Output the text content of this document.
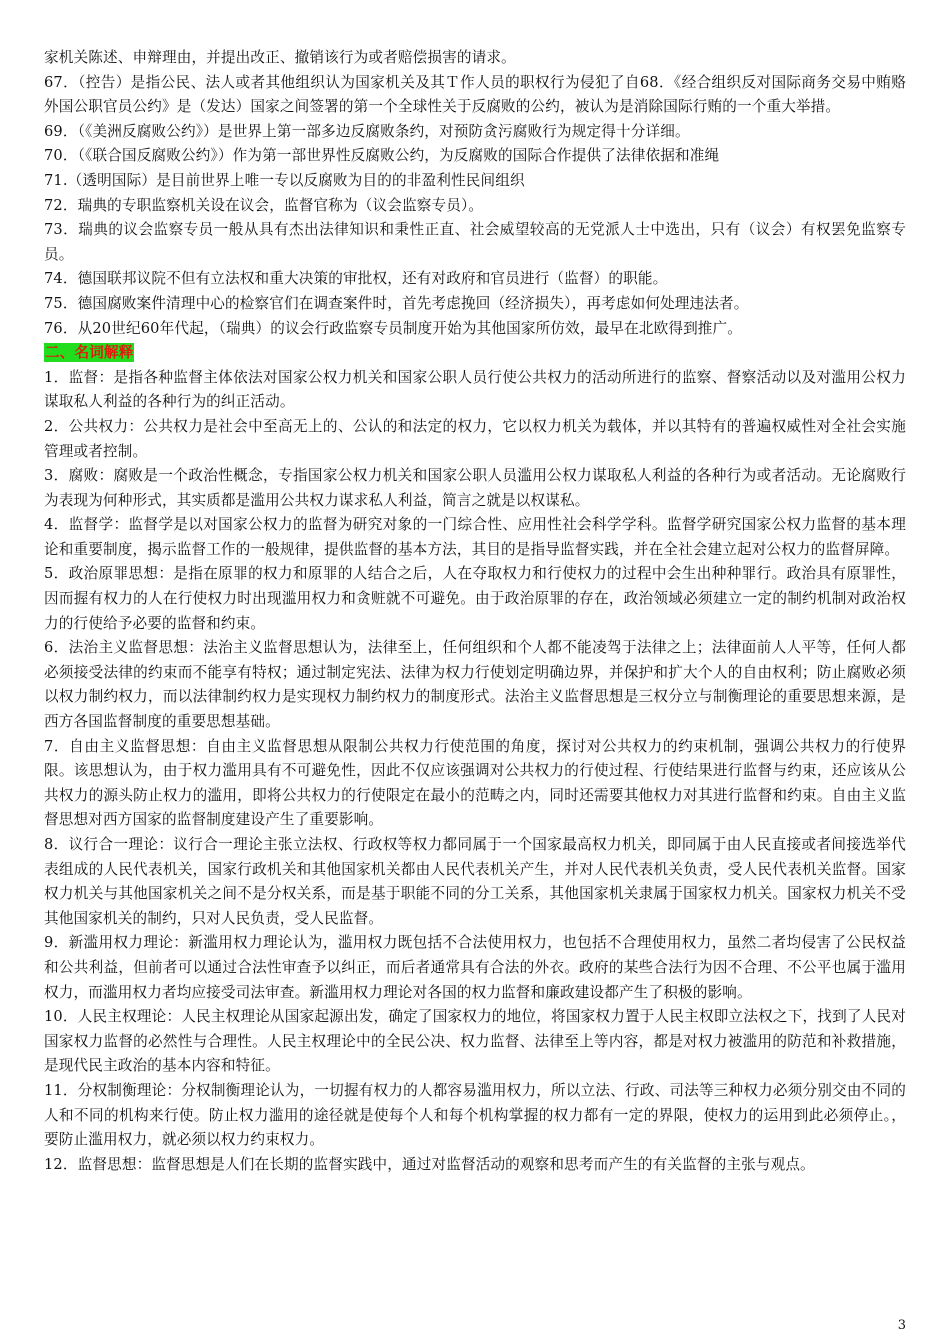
家机关陈述、申辩理由，并提出改正、撤销该行为或者赔偿损害的请求。

67．（控告）是指公民、法人或者其他组织认为国家机关及其Ｔ作人员的职权行为侵犯了自68．《经合组织反对国际商务交易中贿赂外国公职官员公约》是（发达）国家之间签署的第一个全球性关于反腐败的公约，被认为是消除国际行贿的一个重大举措。

69．（《美洲反腐败公约》）是世界上第一部多边反腐败条约，对预防贪污腐败行为规定得十分详细。

70．（《联合国反腐败公约》）作为第一部世界性反腐败公约，为反腐败的国际合作提供了法律依据和准绳

71.（透明国际）是目前世界上唯一专以反腐败为目的的非盈利性民间组织

72．瑞典的专职监察机关设在议会，监督官称为（议会监察专员）。

73．瑞典的议会监察专员一般从具有杰出法律知识和秉性正直、社会威望较高的无党派人士中选出，只有（议会）有权罢免监察专员。

74．德国联邦议院不但有立法权和重大决策的审批权，还有对政府和官员进行（监督）的职能。

75．德国腐败案件清理中心的检察官们在调查案件时，首先考虑挽回（经济损失），再考虑如何处理违法者。

76．从20世纪60年代起，（瑞典）的议会行政监察专员制度开始为其他国家所仿效，最早在北欧得到推广。

二、名词解释

1．监督：是指各种监督主体依法对国家公权力机关和国家公职人员行使公共权力的活动所进行的监察、督察活动以及对滥用公权力谋取私人利益的各种行为的纠正活动。

2．公共权力：公共权力是社会中至高无上的、公认的和法定的权力，它以权力机关为载体，并以其特有的普遍权威性对全社会实施管理或者控制。

3．腐败：腐败是一个政治性概念，专指国家公权力机关和国家公职人员滥用公权力谋取私人利益的各种行为或者活动。无论腐败行为表现为何种形式，其实质都是滥用公共权力谋求私人利益，简言之就是以权谋私。

4．监督学：监督学是以对国家公权力的监督为研究对象的一门综合性、应用性社会科学学科。监督学研究国家公权力监督的基本理论和重要制度，揭示监督工作的一般规律，提供监督的基本方法，其目的是指导监督实践，并在全社会建立起对公权力的监督屏障。

5．政治原罪思想：是指在原罪的权力和原罪的人结合之后，人在夺取权力和行使权力的过程中会生出种种罪行。政治具有原罪性，因而握有权力的人在行使权力时出现滥用权力和贪赃就不可避免。由于政治原罪的存在，政治领域必须建立一定的制约机制对政治权力的行使给予必要的监督和约束。

6．法治主义监督思想：法治主义监督思想认为，法律至上，任何组织和个人都不能凌驾于法律之上；法律面前人人平等，任何人都必须接受法律的约束而不能享有特权；通过制定宪法、法律为权力行使划定明确边界，并保护和扩大个人的自由权利；防止腐败必须以权力制约权力，而以法律制约权力是实现权力制约权力的制度形式。法治主义监督思想是三权分立与制衡理论的重要思想来源，是西方各国监督制度的重要思想基础。

7．自由主义监督思想：自由主义监督思想从限制公共权力行使范围的角度，探讨对公共权力的约束机制，强调公共权力的行使界限。该思想认为，由于权力滥用具有不可避免性，因此不仅应该强调对公共权力的行使过程、行使结果进行监督与约束，还应该从公共权力的源头防止权力的滥用，即将公共权力的行使限定在最小的范畴之内，同时还需要其他权力对其进行监督和约束。自由主义监督思想对西方国家的监督制度建设产生了重要影响。

8．议行合一理论：议行合一理论主张立法权、行政权等权力都同属于一个国家最高权力机关，即同属于由人民直接或者间接选举代表组成的人民代表机关，国家行政机关和其他国家机关都由人民代表机关产生，并对人民代表机关负责，受人民代表机关监督。国家权力机关与其他国家机关之间不是分权关系，而是基于职能不同的分工关系，其他国家机关隶属于国家权力机关。国家权力机关不受其他国家机关的制约，只对人民负责，受人民监督。

9．新滥用权力理论：新滥用权力理论认为，滥用权力既包括不合法使用权力，也包括不合理使用权力，虽然二者均侵害了公民权益和公共利益，但前者可以通过合法性审查予以纠正，而后者通常具有合法的外衣。政府的某些合法行为因不合理、不公平也属于滥用权力，而滥用权力者均应接受司法审查。新滥用权力理论对各国的权力监督和廉政建设都产生了积极的影响。

10．人民主权理论：人民主权理论从国家起源出发，确定了国家权力的地位，将国家权力置于人民主权即立法权之下，找到了人民对国家权力监督的必然性与合理性。人民主权理论中的全民公决、权力监督、法律至上等内容，都是对权力被滥用的防范和补救措施，是现代民主政治的基本内容和特征。

11．分权制衡理论：分权制衡理论认为，一切握有权力的人都容易滥用权力，所以立法、行政、司法等三种权力必须分别交由不同的人和不同的机构来行使。防止权力滥用的途径就是使每个人和每个机构掌握的权力都有一定的界限，使权力的运用到此必须停止。，要防止滥用权力，就必须以权力约束权力。

12．监督思想：监督思想是人们在长期的监督实践中，通过对监督活动的观察和思考而产生的有关监督的主张与观点。

3
